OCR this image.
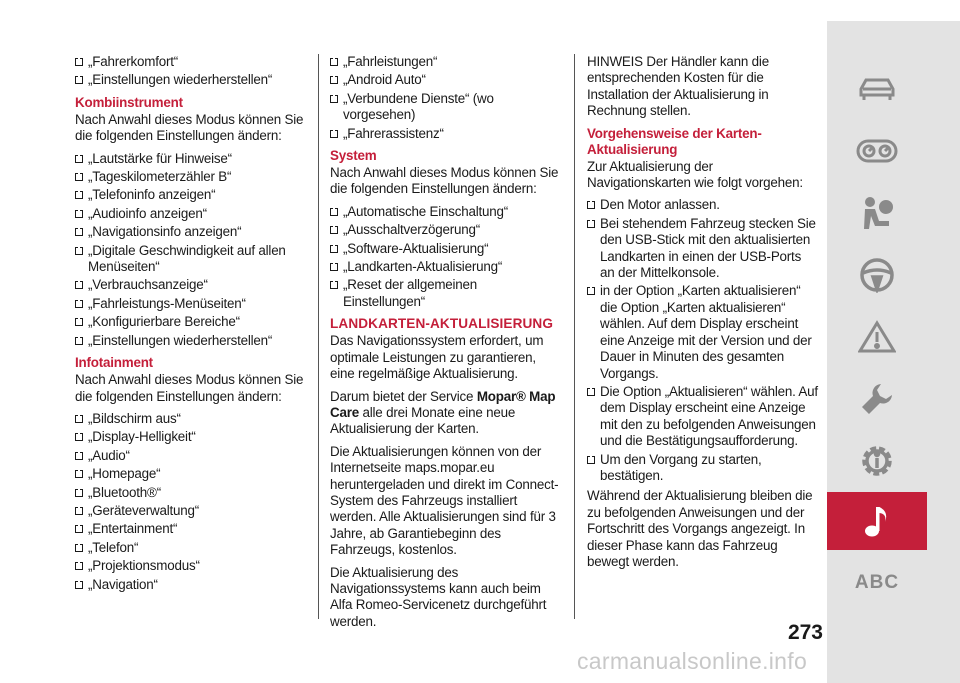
„Fahrerkomfort“
„Einstellungen wiederherstellen“
Kombiinstrument

Nach Anwahl dieses Modus können Sie die folgenden Einstellungen ändern:

„Lautstärke für Hinweise“
„Tageskilometerzähler B“
„Telefoninfo anzeigen“
„Audioinfo anzeigen“
„Navigationsinfo anzeigen“
„Digitale Geschwindigkeit auf allen Menüseiten“
„Verbrauchsanzeige“
„Fahrleistungs-Menüseiten“
„Konfigurierbare Bereiche“
„Einstellungen wiederherstellen“
Infotainment

Nach Anwahl dieses Modus können Sie die folgenden Einstellungen ändern:

„Bildschirm aus“
„Display-Helligkeit“
„Audio“
„Homepage“
„Bluetooth®“
„Geräteverwaltung“
„Entertainment“
„Telefon“
„Projektionsmodus“
„Navigation“
„Fahrleistungen“
„Android Auto“
„Verbundene Dienste“ (wo vorgesehen)
„Fahrerassistenz“
System

Nach Anwahl dieses Modus können Sie die folgenden Einstellungen ändern:

„Automatische Einschaltung“
„Ausschaltverzögerung“
„Software-Aktualisierung“
„Landkarten-Aktualisierung“
„Reset der allgemeinen Einstellungen“
LANDKARTEN-AKTUALISIERUNG

Das Navigationssystem erfordert, um optimale Leistungen zu garantieren, eine regelmäßige Aktualisierung.

Darum bietet der Service Mopar® Map Care alle drei Monate eine neue Aktualisierung der Karten.

Die Aktualisierungen können von der Internetseite maps.mopar.eu heruntergeladen und direkt im Connect-System des Fahrzeugs installiert werden. Alle Aktualisierungen sind für 3 Jahre, ab Garantiebeginn des Fahrzeugs, kostenlos.

Die Aktualisierung des Navigationssystems kann auch beim Alfa Romeo-Servicenetz durchgeführt werden.

HINWEIS Der Händler kann die entsprechenden Kosten für die Installation der Aktualisierung in Rechnung stellen.

Vorgehensweise der Karten-Aktualisierung

Zur Aktualisierung der Navigationskarten wie folgt vorgehen:

Den Motor anlassen.
Bei stehendem Fahrzeug stecken Sie den USB-Stick mit den aktualisierten Landkarten in einen der USB-Ports an der Mittelkonsole.
in der Option „Karten aktualisieren“ die Option „Karten aktualisieren“ wählen. Auf dem Display erscheint eine Anzeige mit der Version und der Dauer in Minuten des gesamten Vorgangs.
Die Option „Aktualisieren“ wählen. Auf dem Display erscheint eine Anzeige mit den zu befolgenden Anweisungen und die Bestätigungsaufforderung.
Um den Vorgang zu starten, bestätigen.

Während der Aktualisierung bleiben die zu befolgenden Anweisungen und der Fortschritt des Vorgangs angezeigt. In dieser Phase kann das Fahrzeug bewegt werden.

ABC
273
carmanualsonline.info
